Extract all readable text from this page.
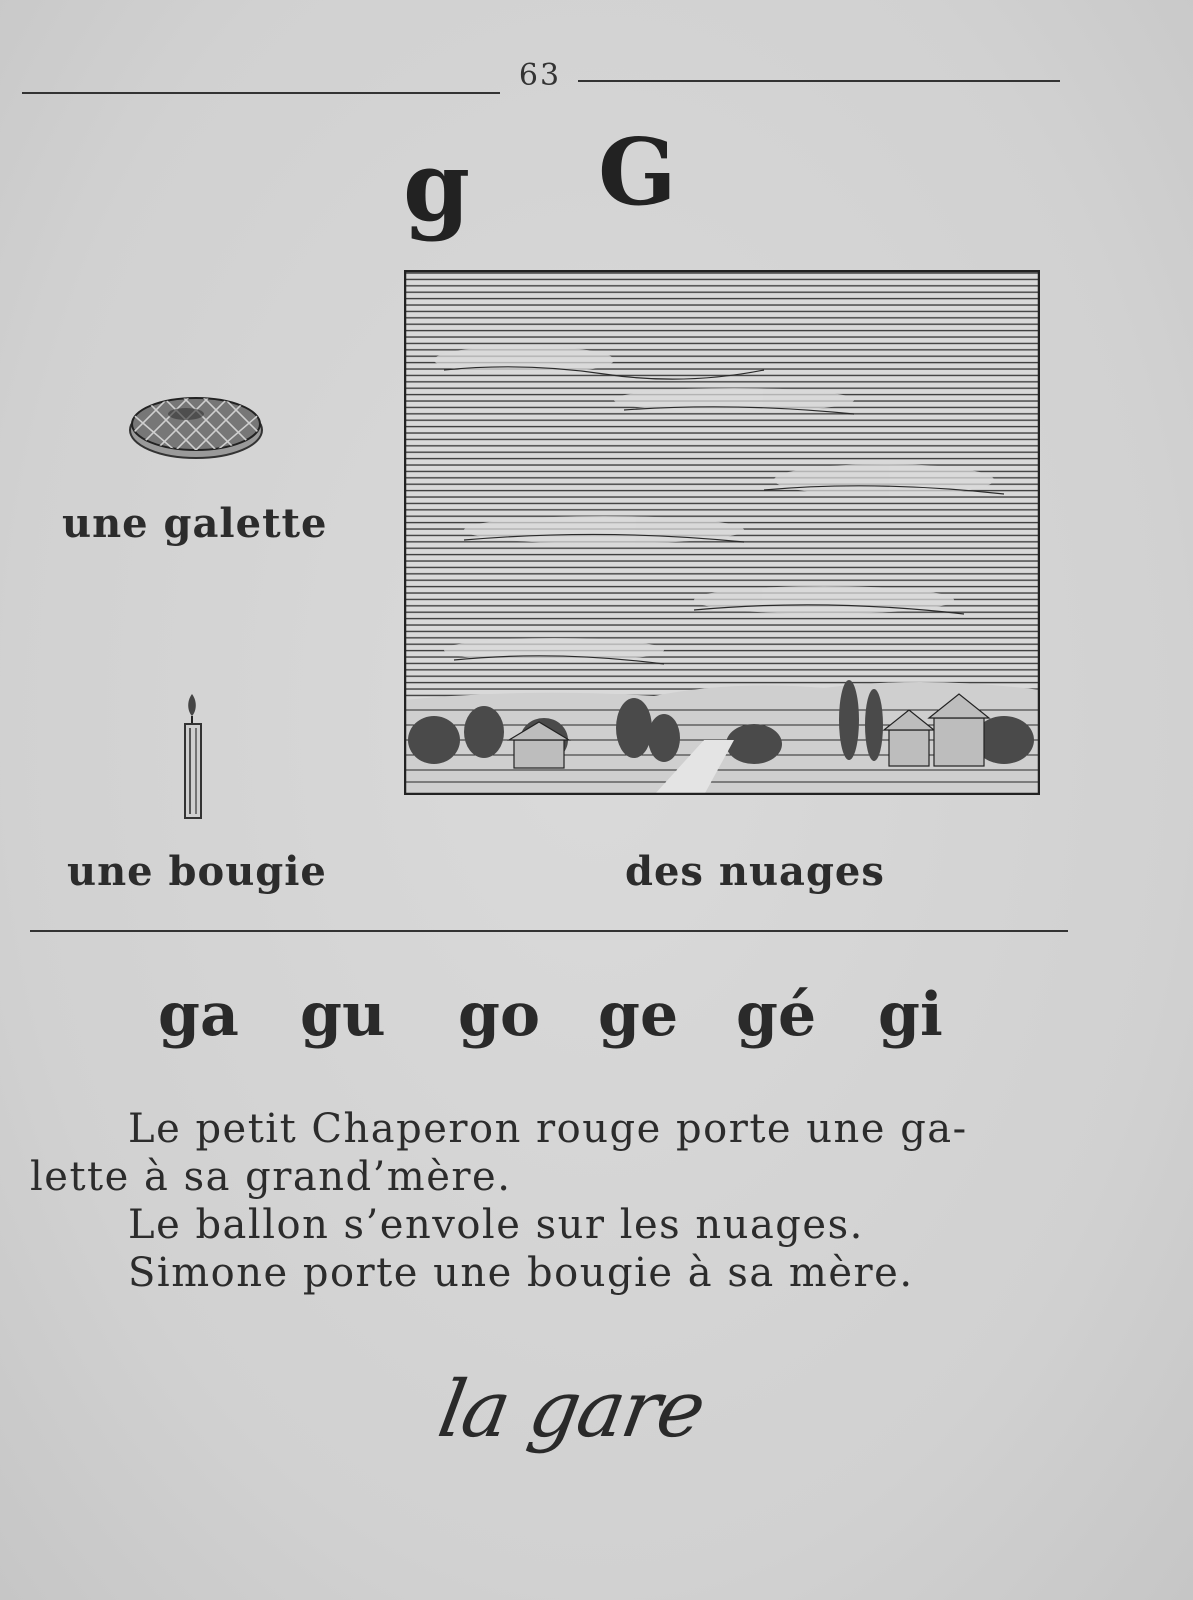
63
g G
une galette
une bougie	des nuages
ga gu go ge gé gi
Le petit Chaperon rouge porte une ga-
lette à sa grand’mère.
Le ballon s’envole sur les nuages.
Simone porte une bougie à sa mère.
la gare
